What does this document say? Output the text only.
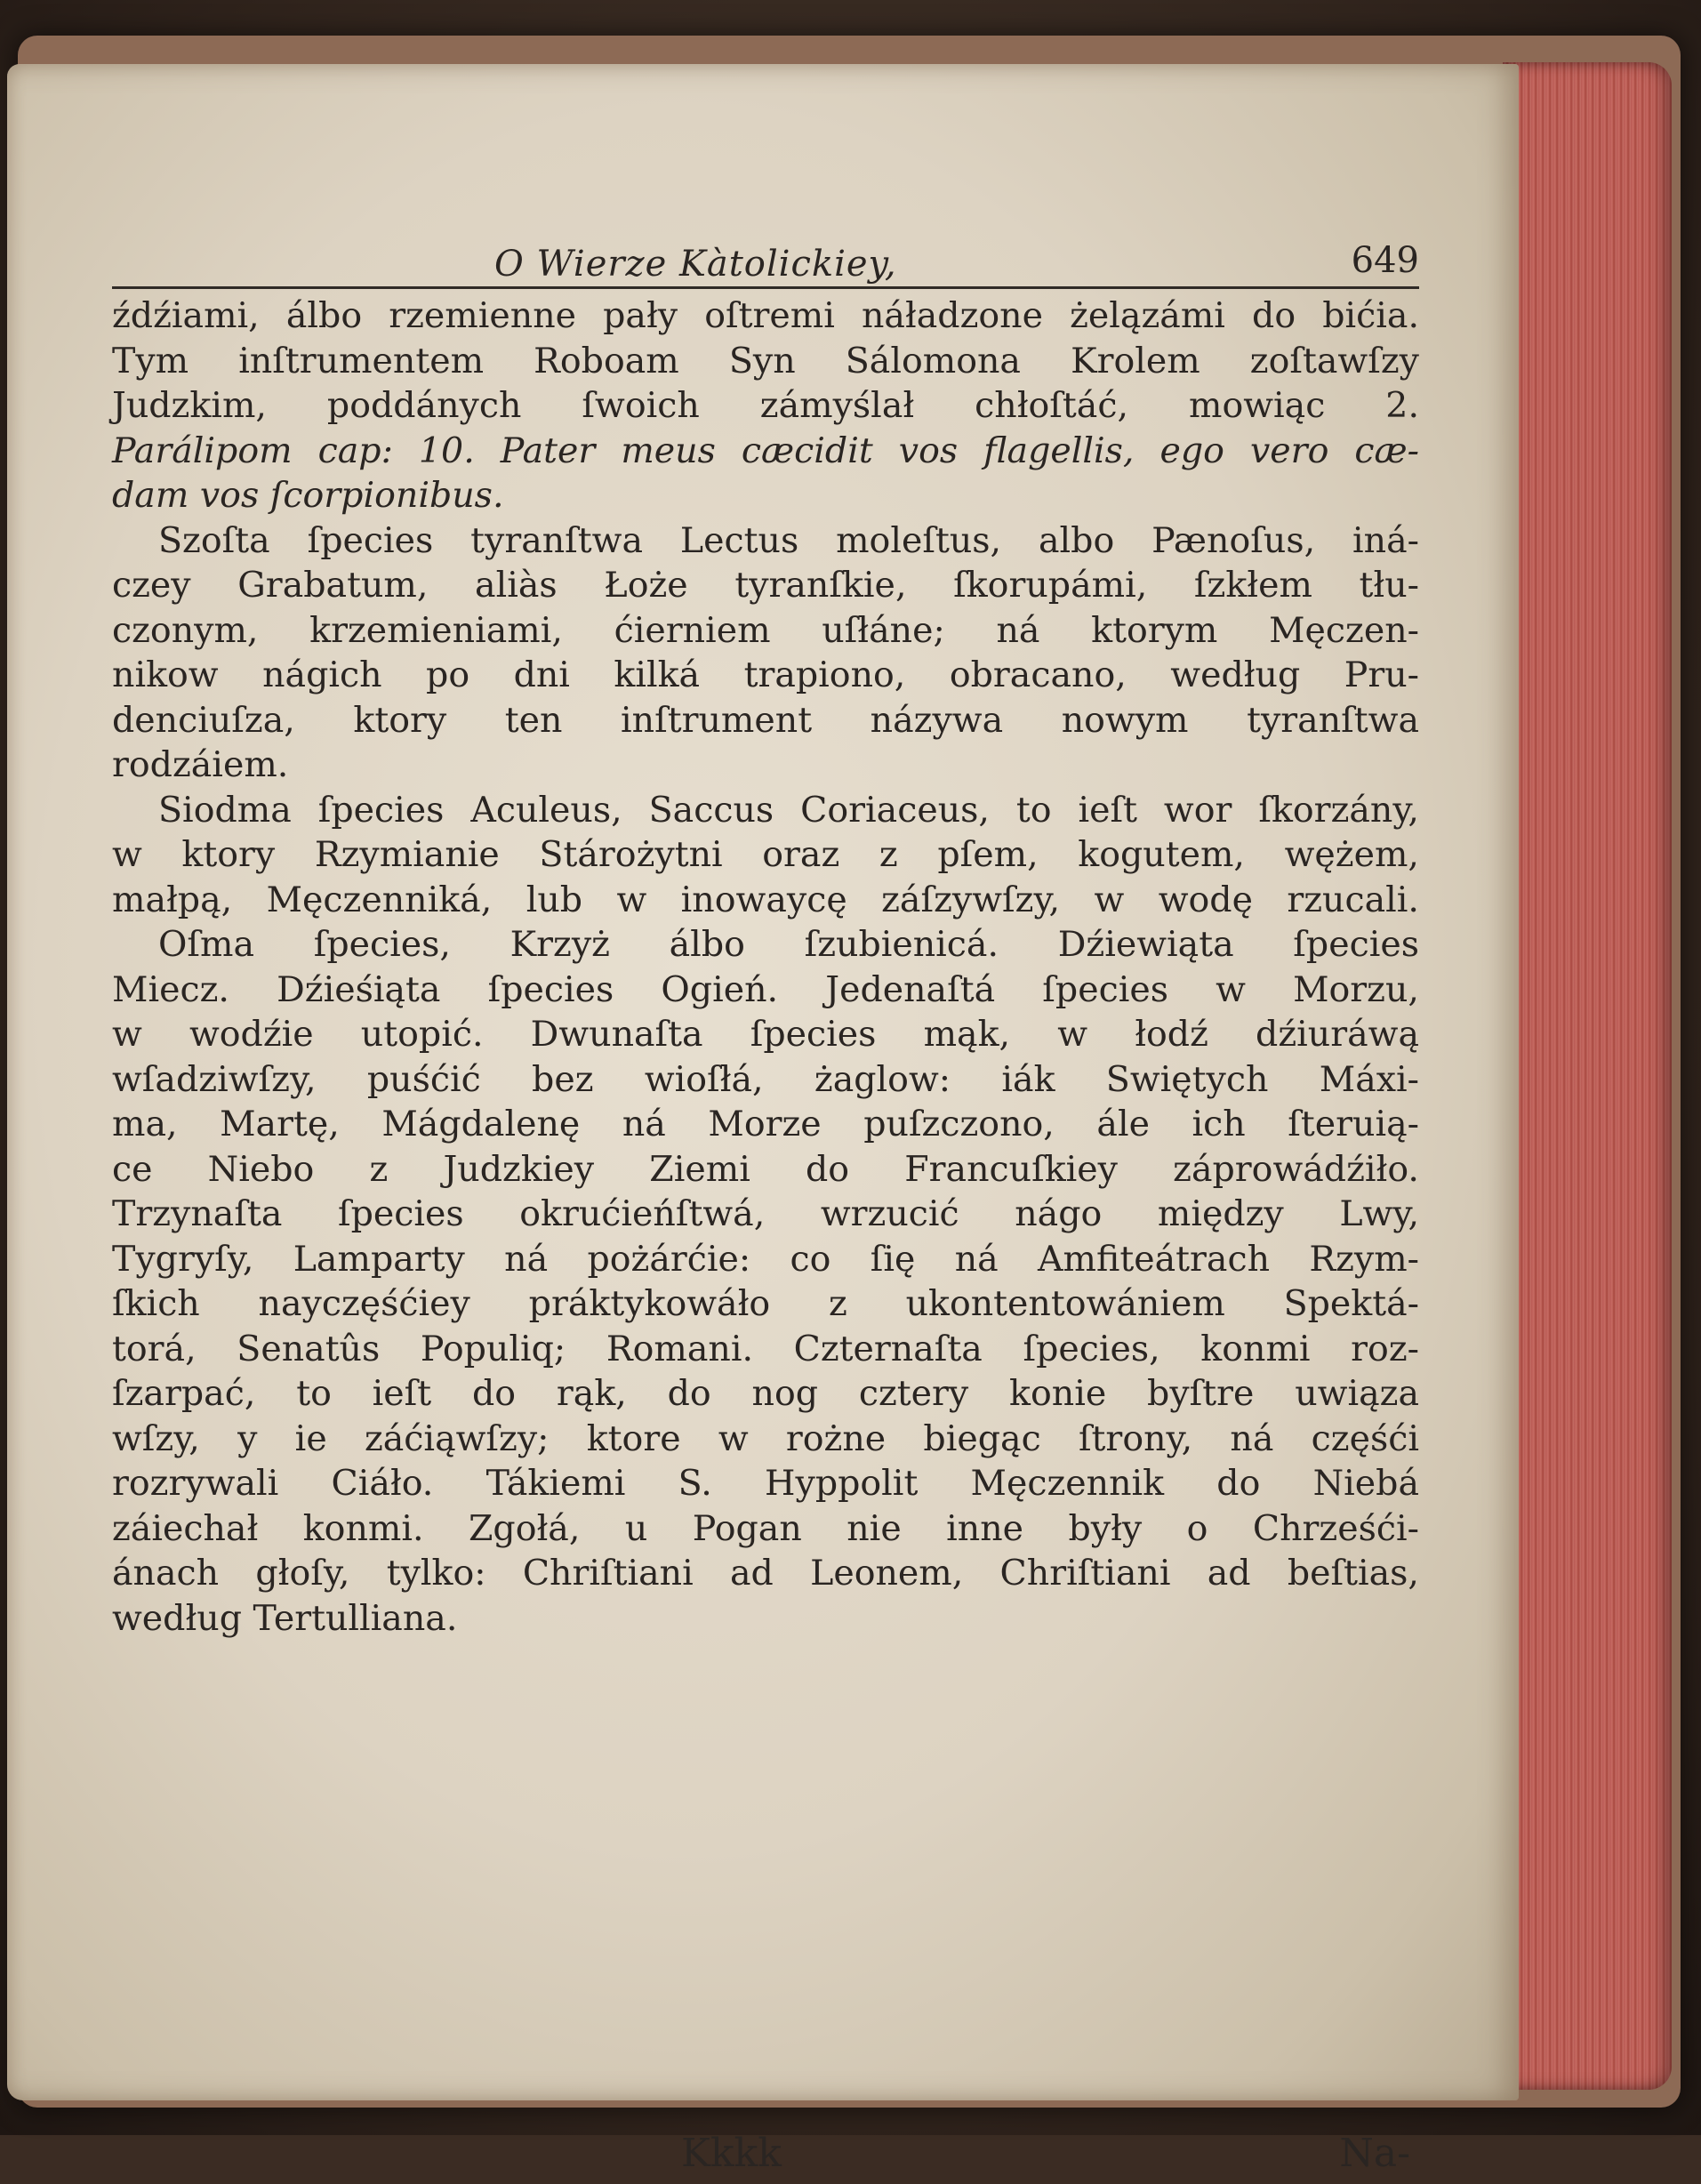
O Wierze Kàtolickiey,	649
źdźiami, álbo rzemienne pały oſtremi náładzone żelązámi do bićia.
Tym inſtrumentem Roboam Syn Sálomona Krolem zoſtawſzy
Judzkim, poddánych ſwoich zámyślał chłoſtáć, mowiąc 2.
Parálipom cap: 10. Pater meus cæcidit vos flagellis, ego vero cæ-
dam vos ſcorpionibus.
Szoſta ſpecies tyranſtwa Lectus moleſtus, albo Pænoſus, iná-
czey Grabatum, aliàs Łoże tyranſkie, ſkorupámi, ſzkłem tłu-
czonym, krzemieniami, ćierniem uſłáne; ná ktorym Męczen-
nikow nágich po dni kilká trapiono, obracano, według Pru-
denciuſza, ktory ten inſtrument názywa nowym tyranſtwa
rodzáiem.
Siodma ſpecies Aculeus, Saccus Coriaceus, to ieſt wor ſkorzány,
w ktory Rzymianie Stárożytni oraz z pſem, kogutem, wężem,
małpą, Męczenniká, lub w inowaycę záſzywſzy, w wodę rzucali.
Oſma ſpecies, Krzyż álbo ſzubienicá. Dźiewiąta ſpecies
Miecz. Dźieśiąta ſpecies Ogień. Jedenaſtá ſpecies w Morzu,
w wodźie utopić. Dwunaſta ſpecies mąk, w łodź dźiuráwą
wſadziwſzy, puśćić bez wioſłá, żaglow: iák Swiętych Máxi-
ma, Martę, Mágdalenę ná Morze puſzczono, ále ich ſteruią-
ce Niebo z Judzkiey Ziemi do Francuſkiey záprowádźiło.
Trzynaſta ſpecies okrućieńſtwá, wrzucić nágo między Lwy,
Tygryſy, Lamparty ná pożárćie: co ſię ná Amfiteátrach Rzym-
ſkich nayczęśćiey práktykowáło z ukontentowániem Spektá-
torá, Senatûs Populiq; Romani. Czternaſta ſpecies, konmi roz-
ſzarpać, to ieſt do rąk, do nog cztery konie byſtre uwiąza
wſzy, y ie záćiąwſzy; ktore w rożne biegąc ſtrony, ná częśći
rozrywali Ciáło. Tákiemi S. Hyppolit Męczennik do Niebá
záiechał konmi. Zgołá, u Pogan nie inne były o Chrześći-
ánach głoſy, tylko: Chriſtiani ad Leonem, Chriſtiani ad beſtias,
według Tertulliana.
Kkkk	Na-
